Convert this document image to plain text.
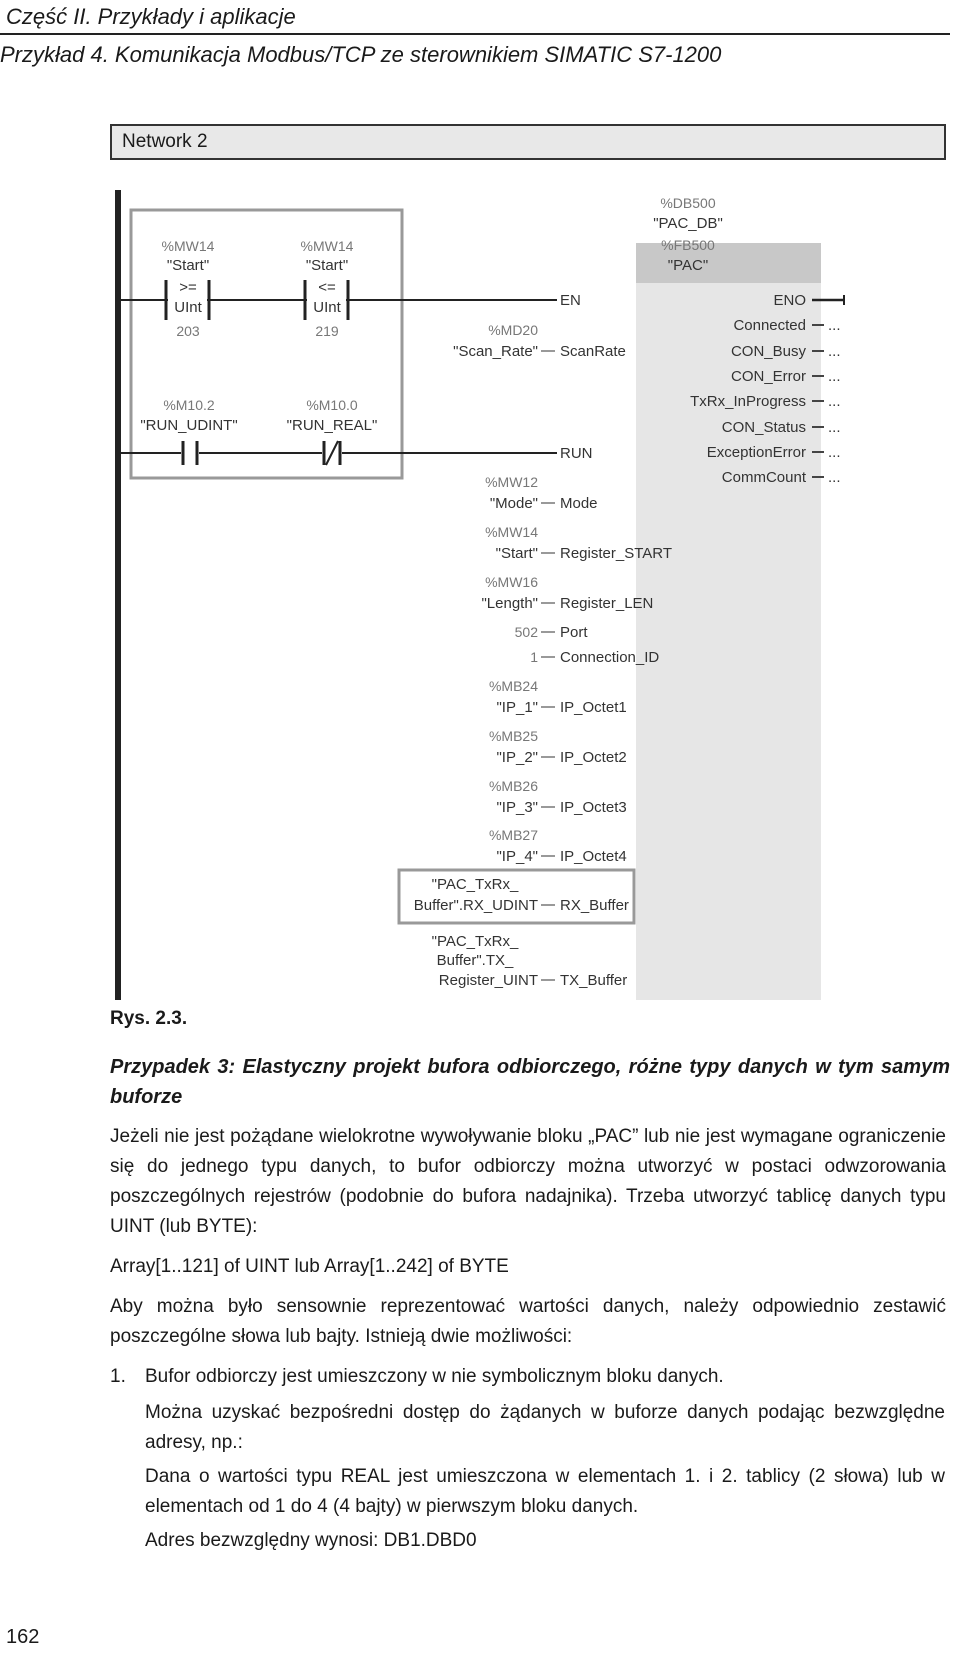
Część II. Przykłady i aplikacje
Przykład 4. Komunikacja Modbus/TCP ze sterownikiem SIMATIC S7-1200
Network 2
%DB500
"PAC_DB"
%FB500
"PAC"
%MW14
"Start"
>=
UInt
203
%MW14
"Start"
<=
UInt
219
%M10.2
"RUN_UDINT"
%M10.0
"RUN_REAL"
EN
ScanRate
%MD20
"Scan_Rate"
RUN
Mode
%MW12
"Mode"
Register_START
%MW14
"Start"
Register_LEN
%MW16
"Length"
Port
502
Connection_ID
1
IP_Octet1
%MB24
"IP_1"
IP_Octet2
%MB25
"IP_2"
IP_Octet3
%MB26
"IP_3"
IP_Octet4
%MB27
"IP_4"
"PAC_TxRx_
Buffer".RX_UDINT RX_Buffer
"PAC_TxRx_
Buffer".TX_
Register_UINT TX_Buffer
ENO
Connected ...
CON_Busy ...
CON_Error ...
TxRx_InProgress ...
CON_Status ...
ExceptionError ...
CommCount ...
Rys. 2.3.
Przypadek 3: Elastyczny projekt bufora odbiorczego, różne typy danych w tym samym buforze
Jeżeli nie jest pożądane wielokrotne wywoływanie bloku „PAC” lub nie jest wymagane ograniczenie się do jednego typu danych, to bufor odbiorczy można utworzyć w postaci odwzorowania poszczególnych rejestrów (podobnie do bufora nadajnika). Trzeba utworzyć tablicę danych typu UINT (lub BYTE):
Array[1..121] of UINT lub Array[1..242] of BYTE
Aby można było sensownie reprezentować wartości danych, należy odpowiednio zestawić poszczególne słowa lub bajty. Istnieją dwie możliwości:
1.	Bufor odbiorczy jest umieszczony w nie symbolicznym bloku danych.
Można uzyskać bezpośredni dostęp do żądanych w buforze danych podając bezwzględne adresy, np.:
Dana o wartości typu REAL jest umieszczona w elementach 1. i 2. tablicy (2 słowa) lub w elementach od 1 do 4 (4 bajty) w pierwszym bloku danych.
Adres bezwzględny wynosi: DB1.DBD0
162
